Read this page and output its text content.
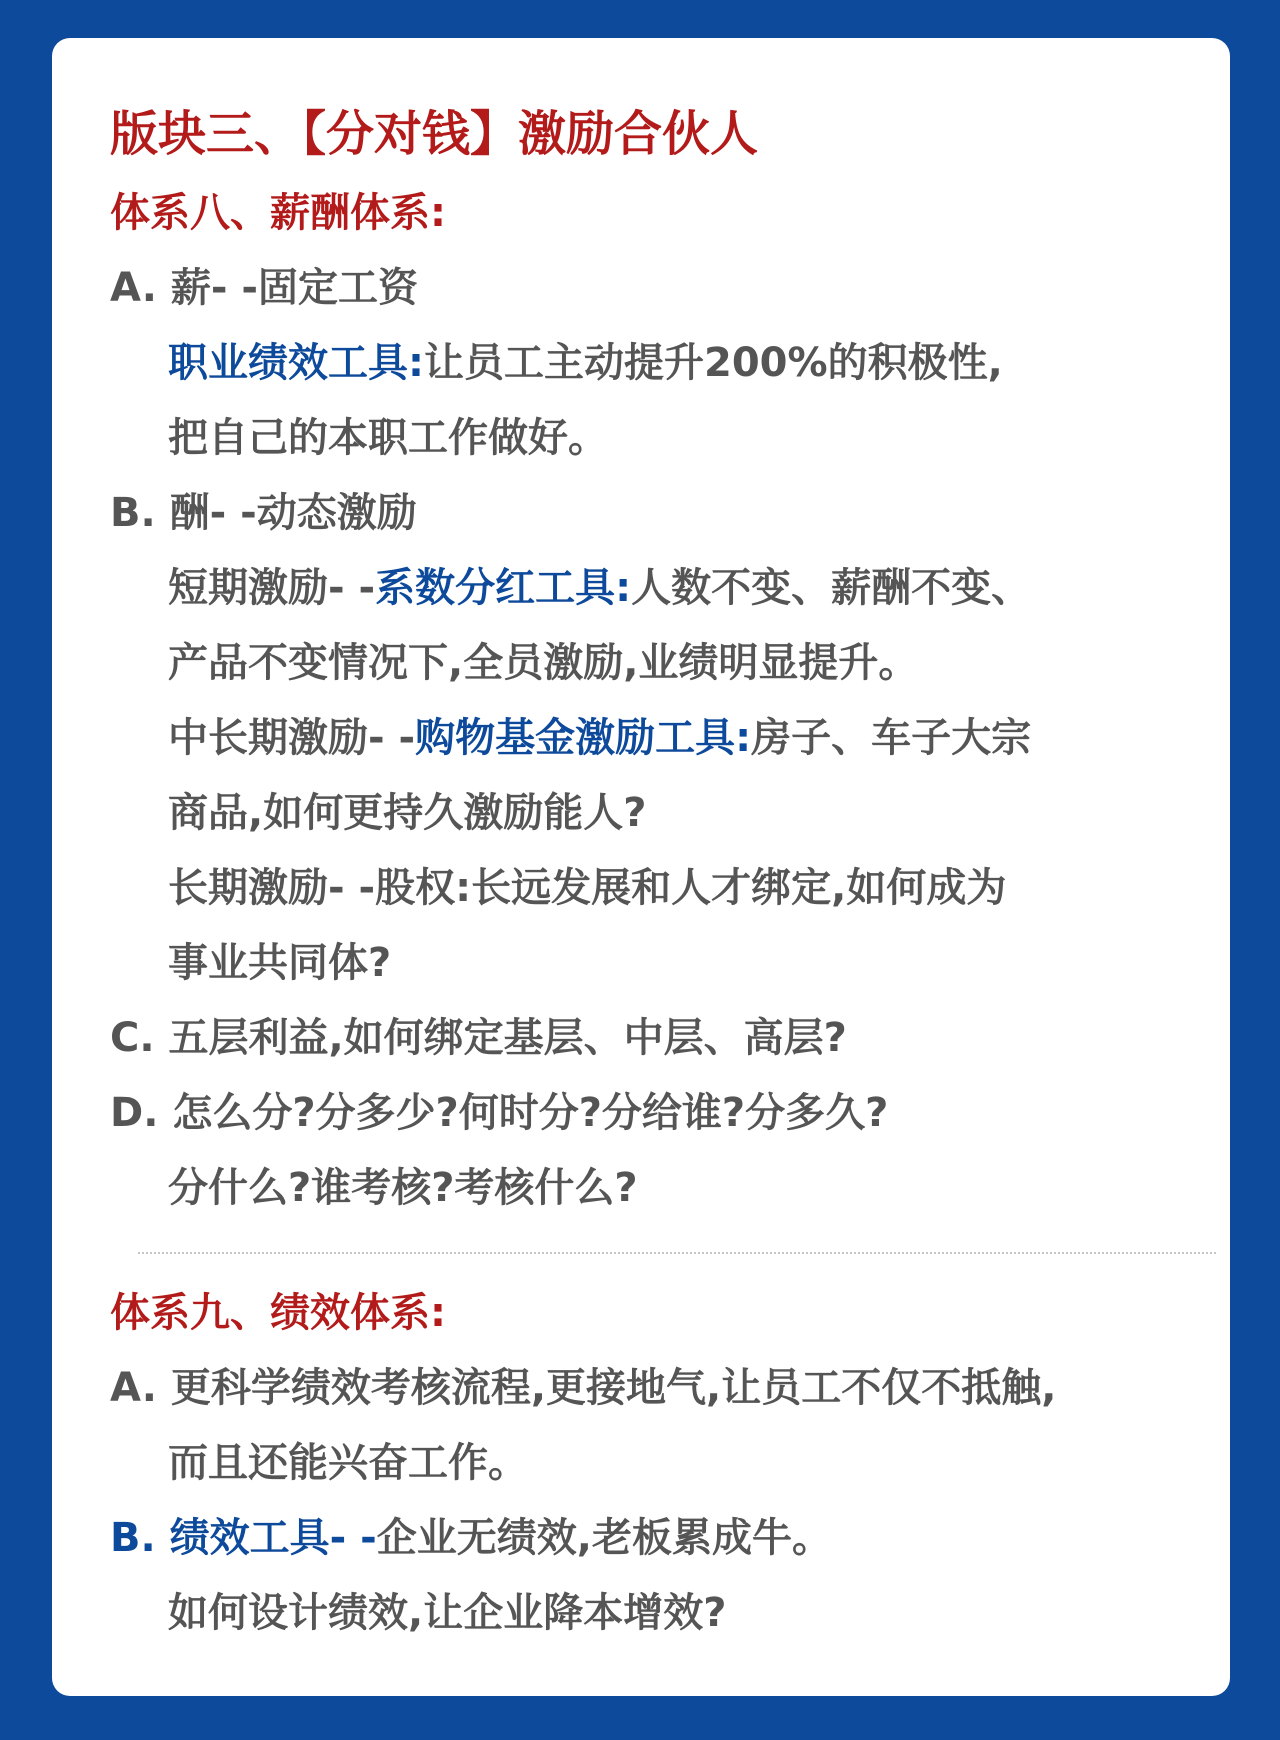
版块三、【分对钱】激励合伙人
体系八、薪酬体系:
A. 薪- -固定工资
职业绩效工具:让员工主动提升200%的积极性,
把自己的本职工作做好。
B. 酬- -动态激励
短期激励- -系数分红工具:人数不变、薪酬不变、
产品不变情况下,全员激励,业绩明显提升。
中长期激励- -购物基金激励工具:房子、车子大宗
商品,如何更持久激励能人?
长期激励- -股权:长远发展和人才绑定,如何成为
事业共同体?
C. 五层利益,如何绑定基层、中层、高层?
D. 怎么分?分多少?何时分?分给谁?分多久?
分什么?谁考核?考核什么?
体系九、绩效体系:
A. 更科学绩效考核流程,更接地气,让员工不仅不抵触,
而且还能兴奋工作。
B. 绩效工具- -企业无绩效,老板累成牛。
如何设计绩效,让企业降本增效?
